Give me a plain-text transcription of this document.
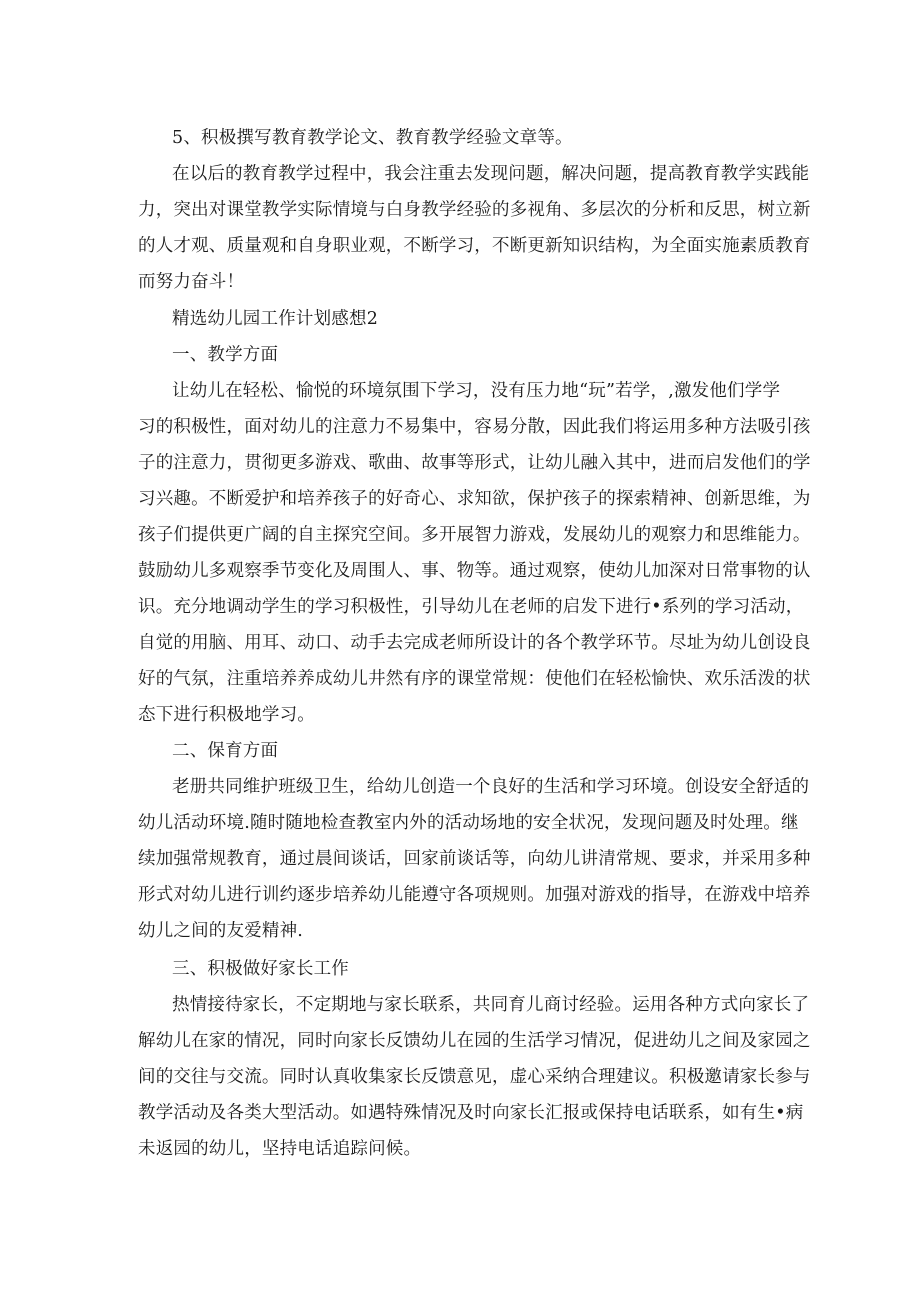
5、积极撰写教育教学论文、教育教学经验文章等。
在以后的教育教学过程中，我会注重去发现问题，解决问题，提高教育教学实践能
力，突出对课堂教学实际情境与白身教学经验的多视角、多层次的分析和反思，树立新
的人才观、质量观和自身职业观，不断学习，不断更新知识结构，为全面实施素质教育
而努力奋斗！
精选幼儿园工作计划感想2
一、教学方面
让幼儿在轻松、愉悦的环境氛围下学习，没有压力地“玩”若学，,激发他们学学
习的积极性，面对幼儿的注意力不易集中，容易分散，因此我们将运用多种方法吸引孩
子的注意力，贯彻更多游戏、歌曲、故事等形式，让幼儿融入其中，进而启发他们的学
习兴趣。不断爱护和培养孩子的好奇心、求知欲，保护孩子的探索精神、创新思维，为
孩子们提供更广阔的自主探究空间。多开展智力游戏，发展幼儿的观察力和思维能力。
鼓励幼儿多观察季节变化及周围人、事、物等。通过观察，使幼儿加深对日常事物的认
识。充分地调动学生的学习积极性，引导幼儿在老师的启发下进行•系列的学习活动，
自觉的用脑、用耳、动口、动手去完成老师所设计的各个教学环节。尽址为幼儿创设良
好的气氛，注重培养养成幼儿井然有序的课堂常规：使他们在轻松愉快、欢乐活泼的状
态下进行积极地学习。
二、保育方面
老册共同维护班级卫生，给幼儿创造一个良好的生活和学习环境。创设安全舒适的
幼儿活动环境.随时随地检查教室内外的活动场地的安全状况，发现问题及时处理。继
续加强常规教育，通过晨间谈话，回家前谈话等，向幼儿讲清常规、要求，并采用多种
形式对幼儿进行训约逐步培养幼儿能遵守各项规则。加强对游戏的指导，在游戏中培养
幼儿之间的友爱精神.
三、积极做好家长工作
热情接待家长，不定期地与家长联系，共同育儿商讨经验。运用各种方式向家长了
解幼儿在家的情况，同时向家长反馈幼儿在园的生活学习情况，促进幼儿之间及家园之
间的交往与交流。同时认真收集家长反馈意见，虚心采纳合理建议。积极邀请家长参与
教学活动及各类大型活动。如遇特殊情况及时向家长汇报或保持电话联系，如有生•病
未返园的幼儿，坚持电话追踪问候。
